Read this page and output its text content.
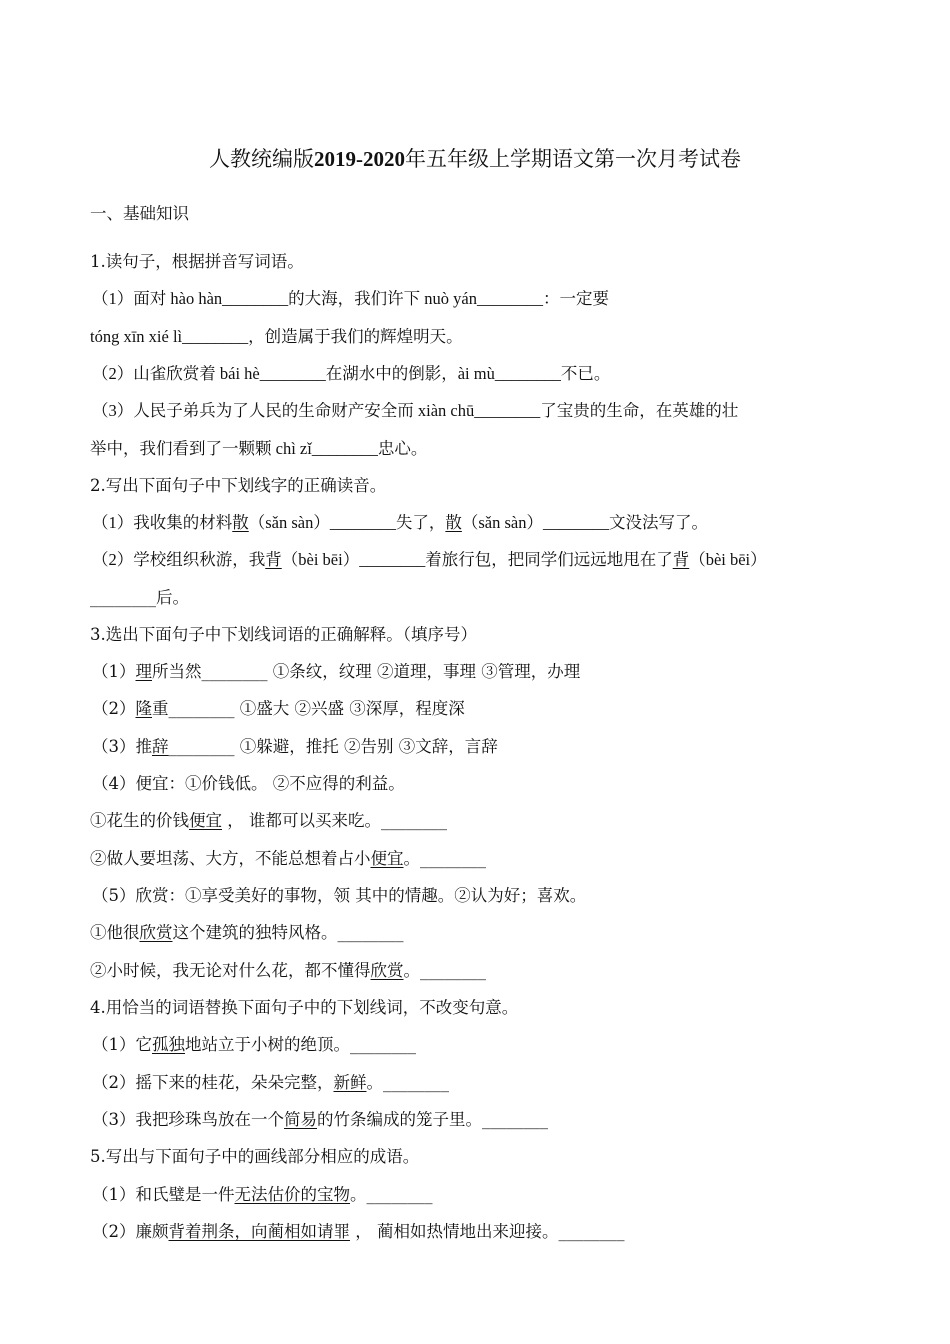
人教统编版2019-2020年五年级上学期语文第一次月考试卷
一、基础知识
1.读句子，根据拼音写词语。
（1）面对 hào hàn________的大海，我们许下 nuò yán________：一定要
tóng xīn xié lì________，创造属于我们的辉煌明天。
（2）山雀欣赏着 bái hè________在湖水中的倒影，ài mù________不已。
（3）人民子弟兵为了人民的生命财产安全而 xiàn chū________了宝贵的生命，在英雄的壮
举中，我们看到了一颗颗 chì zǐ________忠心。
2.写出下面句子中下划线字的正确读音。
（1）我收集的材料散（sǎn sàn）________失了，散（sǎn sàn）________文没法写了。
（2）学校组织秋游，我背（bèi bēi）________着旅行包，把同学们远远地甩在了背（bèi bēi）
________后。
3.选出下面句子中下划线词语的正确解释。（填序号）
（1）理所当然________ ①条纹，纹理 ②道理，事理 ③管理，办理
（2）隆重________ ①盛大 ②兴盛 ③深厚，程度深
（3）推辞________ ①躲避，推托 ②告别 ③文辞，言辞
（4）便宜：①价钱低。 ②不应得的利益。
①花生的价钱便宜 ， 谁都可以买来吃。________
②做人要坦荡、大方，不能总想着占小便宜。________
（5）欣赏：①享受美好的事物，领 其中的情趣。②认为好；喜欢。
①他很欣赏这个建筑的独特风格。________
②小时候，我无论对什么花，都不懂得欣赏。________
4.用恰当的词语替换下面句子中的下划线词，不改变句意。
（1）它孤独地站立于小树的绝顶。________
（2）摇下来的桂花，朵朵完整，新鲜。________
（3）我把珍珠鸟放在一个简易的竹条编成的笼子里。________
5.写出与下面句子中的画线部分相应的成语。
（1）和氏璧是一件无法估价的宝物。________
（2）廉颇背着荆条，向蔺相如请罪 ， 蔺相如热情地出来迎接。________
